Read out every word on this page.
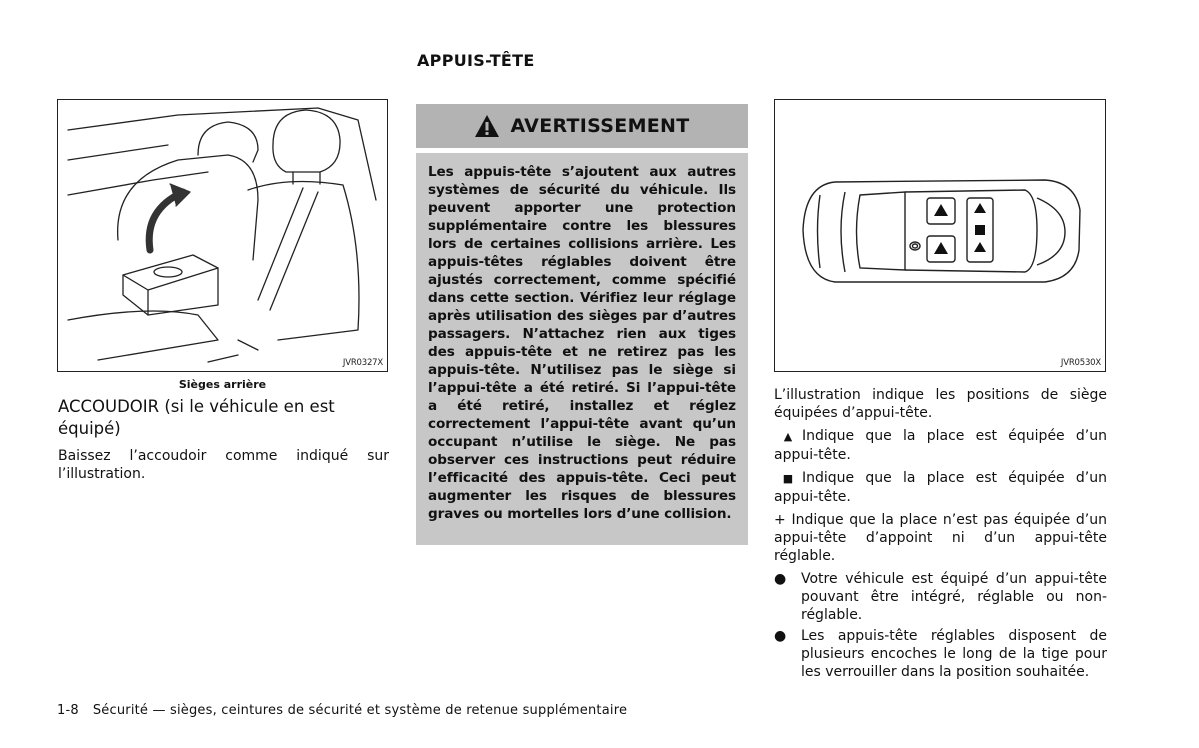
APPUIS-TÊTE
JVR0327X
Sièges arrière
ACCOUDOIR (si le véhicule en est équipé)
Baissez l’accoudoir comme indiqué sur l’illustration.
AVERTISSEMENT

Les appuis-tête s’ajoutent aux autres systèmes de sécurité du véhicule. Ils peuvent apporter une protection supplémentaire contre les blessures lors de certaines collisions arrière. Les appuis-têtes réglables doivent être ajustés correctement, comme spécifié dans cette section. Vérifiez leur réglage après utilisation des sièges par d’autres passagers. N’attachez rien aux tiges des appuis-tête et ne retirez pas les appuis-tête. N’utilisez pas le siège si l’appui-tête a été retiré. Si l’appui-tête a été retiré, installez et réglez correctement l’appui-tête avant qu’un occupant n’utilise le siège. Ne pas observer ces instructions peut réduire l’efficacité des appuis-tête. Ceci peut augmenter les risques de blessures graves ou mortelles lors d’une collision.

JVR0530X

L’illustration indique les positions de siège équipées d’appui-tête.

▲ Indique que la place est équipée d’un appui-tête.

■ Indique que la place est équipée d’un appui-tête.

+ Indique que la place n’est pas équipée d’un appui-tête d’appoint ni d’un appui-tête réglable.

● Votre véhicule est équipé d’un appui-tête pouvant être intégré, réglable ou non-réglable.
● Les appuis-tête réglables disposent de plusieurs encoches le long de la tige pour les verrouiller dans la position souhaitée.
1-8 Sécurité — sièges, ceintures de sécurité et système de retenue supplémentaire
